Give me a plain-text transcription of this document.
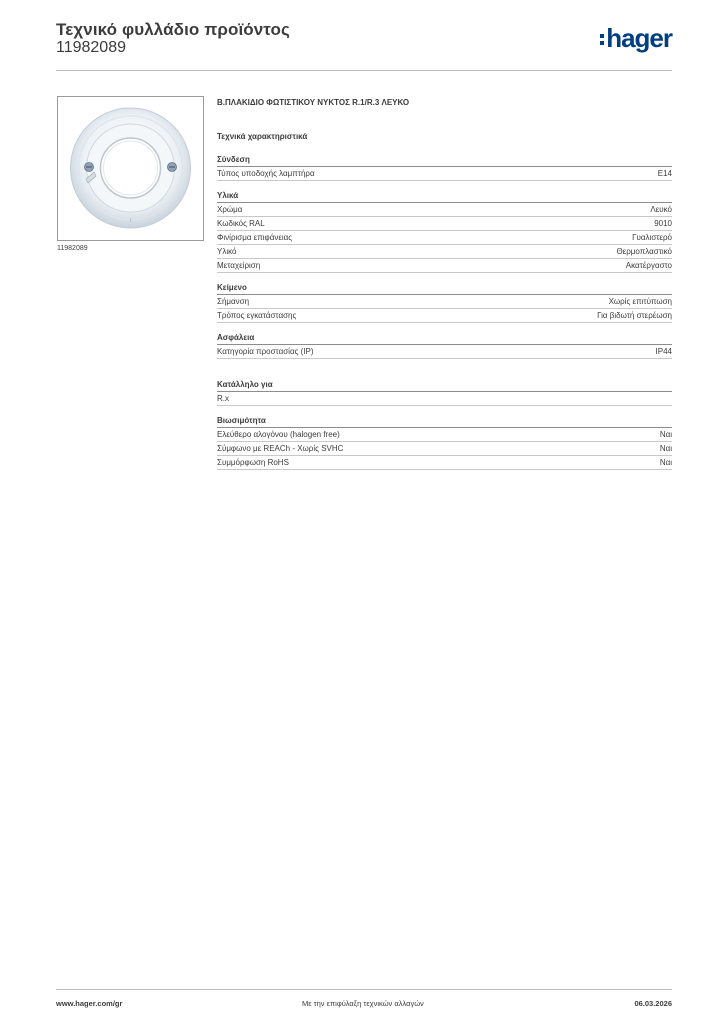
Τεχνικό φυλλάδιο προϊόντος
11982089	hager
ℹ
11982089
Β.ΠΛΑΚΙΔΙΟ ΦΩΤΙΣΤΙΚΟΥ ΝΥΚΤΟΣ R.1/R.3 ΛΕΥΚΟ
Τεχνικά χαρακτηριστικά
Σύνδεση
Τύπος υποδοχής λαμπτήρα	E14
Υλικά
Χρώμα	Λευκό
Κωδικός RAL	9010
Φινίρισμα επιφάνειας	Γυαλιστερό
Υλικό	Θερμοπλαστικό
Μεταχείριση	Ακατέργαστο
Κείμενο
Σήμανση	Χωρίς επιτύπωση
Τρόπος εγκατάστασης	Για βιδωτή στερέωση
Ασφάλεια
Κατηγορία προστασίας (IP)	IP44
Κατάλληλο για
R.x
Βιωσιμότητα
Ελεύθερο αλογόνου (halogen free)	Ναι
Σύμφωνο με REACh - Χωρίς SVHC	Ναι
Συμμόρφωση RoHS	Ναι
www.hager.com/gr	Με την επιφύλαξη τεχνικών αλλαγών	06.03.2026
